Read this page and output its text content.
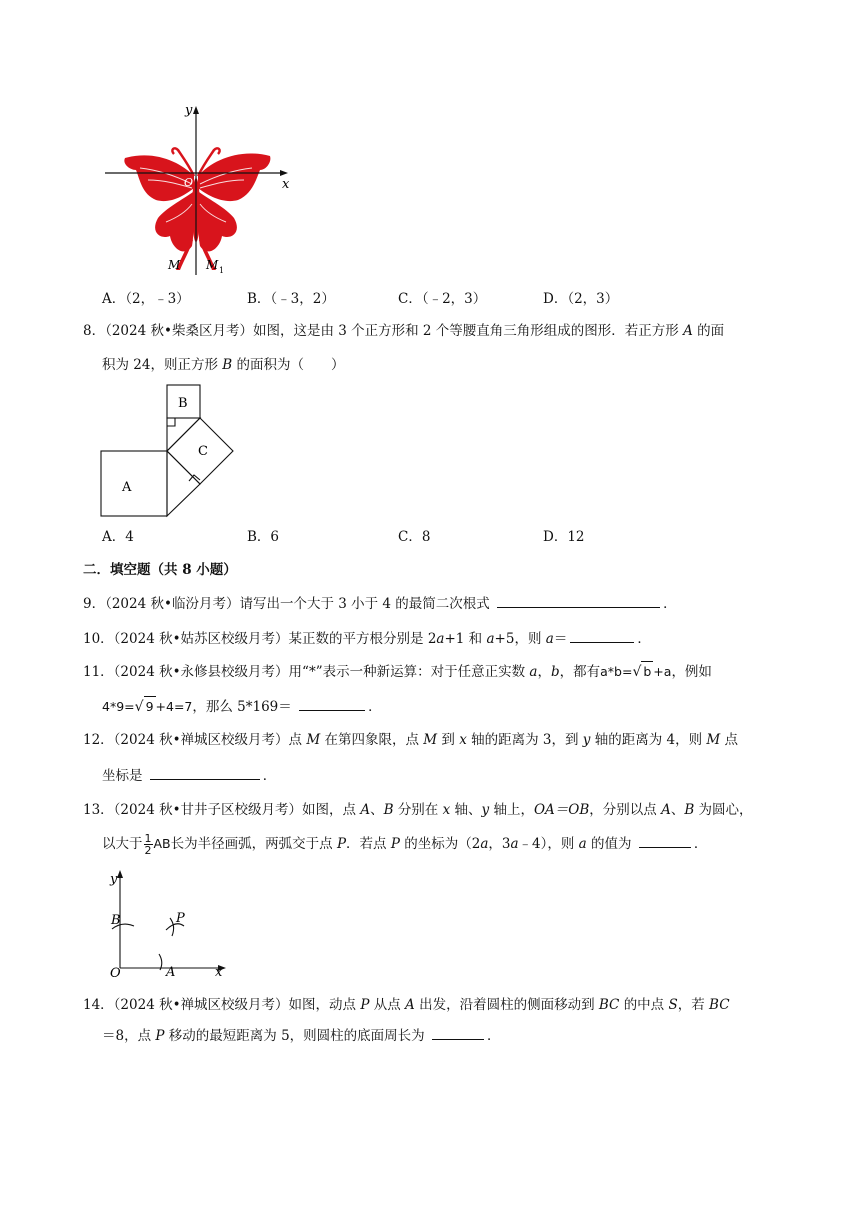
x
y
O
M M 1
A．（2，﹣3）	B．（﹣3，2）	C．（﹣2，3）	D．（2，3）
8．（2024 秋•柴桑区月考）如图，这是由 3 个正方形和 2 个等腰直角三角形组成的图形．若正方形 A 的面
积为 24，则正方形 B 的面积为（　　）
B
A
C
A．4	B．6	C．8	D．12
二．填空题（共 8 小题）
9．（2024 秋•临汾月考）请写出一个大于 3 小于 4 的最简二次根式	．
10．（2024 秋•姑苏区校级月考）某正数的平方根分别是 2a+1 和 a+5，则 a＝	．
11．（2024 秋•永修县校级月考）用“*”表示一种新运算：对于任意正实数 a，b，都有a*b=√ b +a，例如
4*9=√ 9 +4=7，那么 5*169＝	．
12．（2024 秋•禅城区校级月考）点 M 在第四象限，点 M 到 x 轴的距离为 3，到 y 轴的距离为 4，则 M 点
坐标是	．
13．（2024 秋•甘井子区校级月考）如图，点 A、B 分别在 x 轴、y 轴上，OA＝OB，分别以点 A、B 为圆心，
以大于 $\frac{1}{2}$ AB长为半径画弧，两弧交于点 P．若点 P 的坐标为（2a，3a﹣4），则 a 的值为	．
y
x
O	A
B	P
14．（2024 秋•禅城区校级月考）如图，动点 P 从点 A 出发，沿着圆柱的侧面移动到 BC 的中点 S，若 BC
＝8，点 P 移动的最短距离为 5，则圆柱的底面周长为	．
